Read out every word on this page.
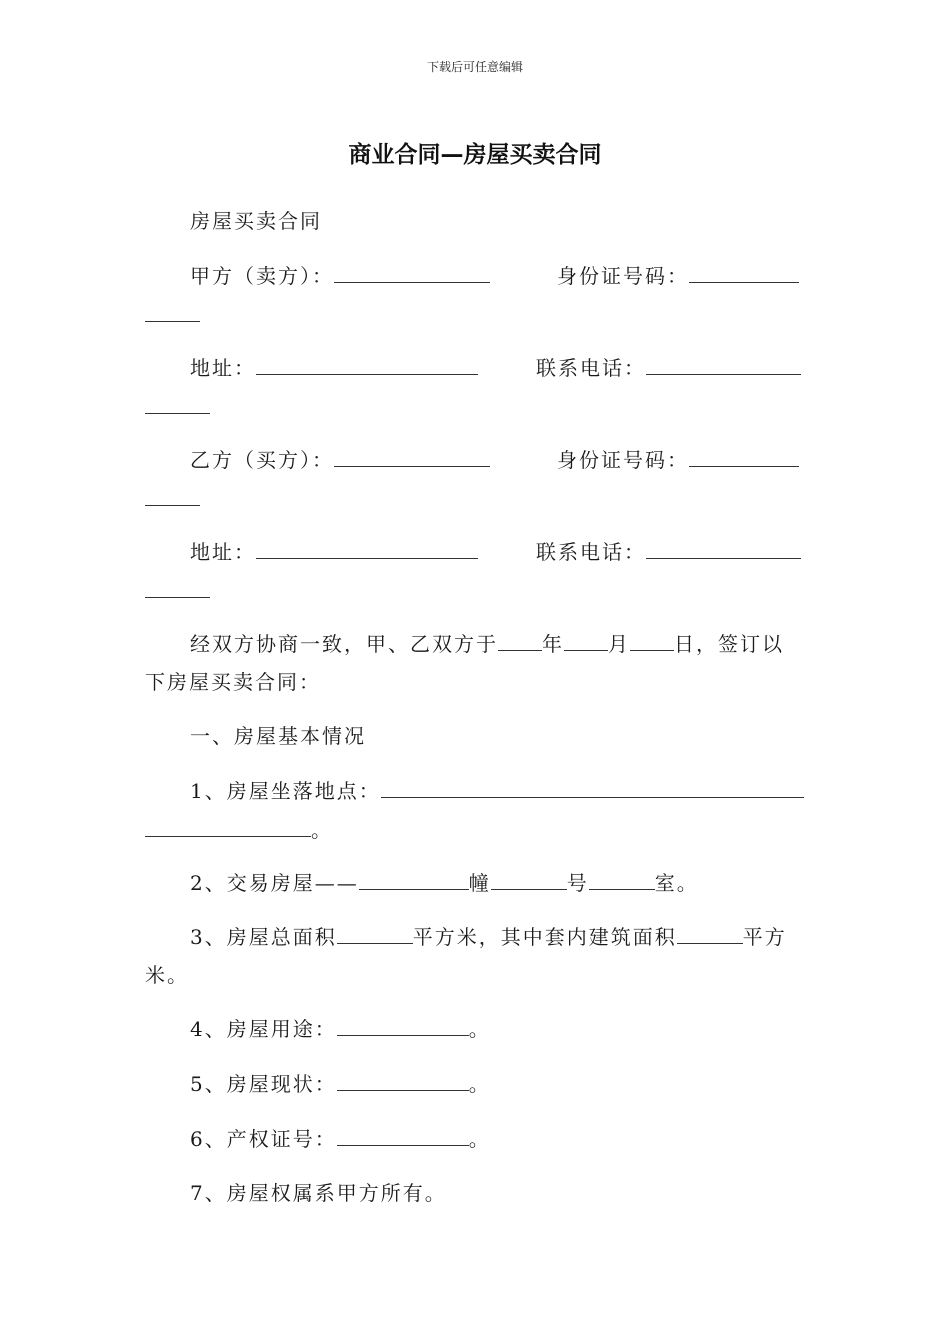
下载后可任意编辑
商业合同—房屋买卖合同
房屋买卖合同
甲方（卖方）：	身份证号码：
地址：	联系电话：
乙方（买方）：	身份证号码：
地址：	联系电话：
经双方协商一致，甲、乙双方于 年 月 日，签订以
下房屋买卖合同：
一、房屋基本情况
1、房屋坐落地点：
。
2、交易房屋——	幢	号	室。
3、房屋总面积	平方米，其中套内建筑面积	平方
米。
4、房屋用途：	。
5、房屋现状：	。
6、产权证号：	。
7、房屋权属系甲方所有。
